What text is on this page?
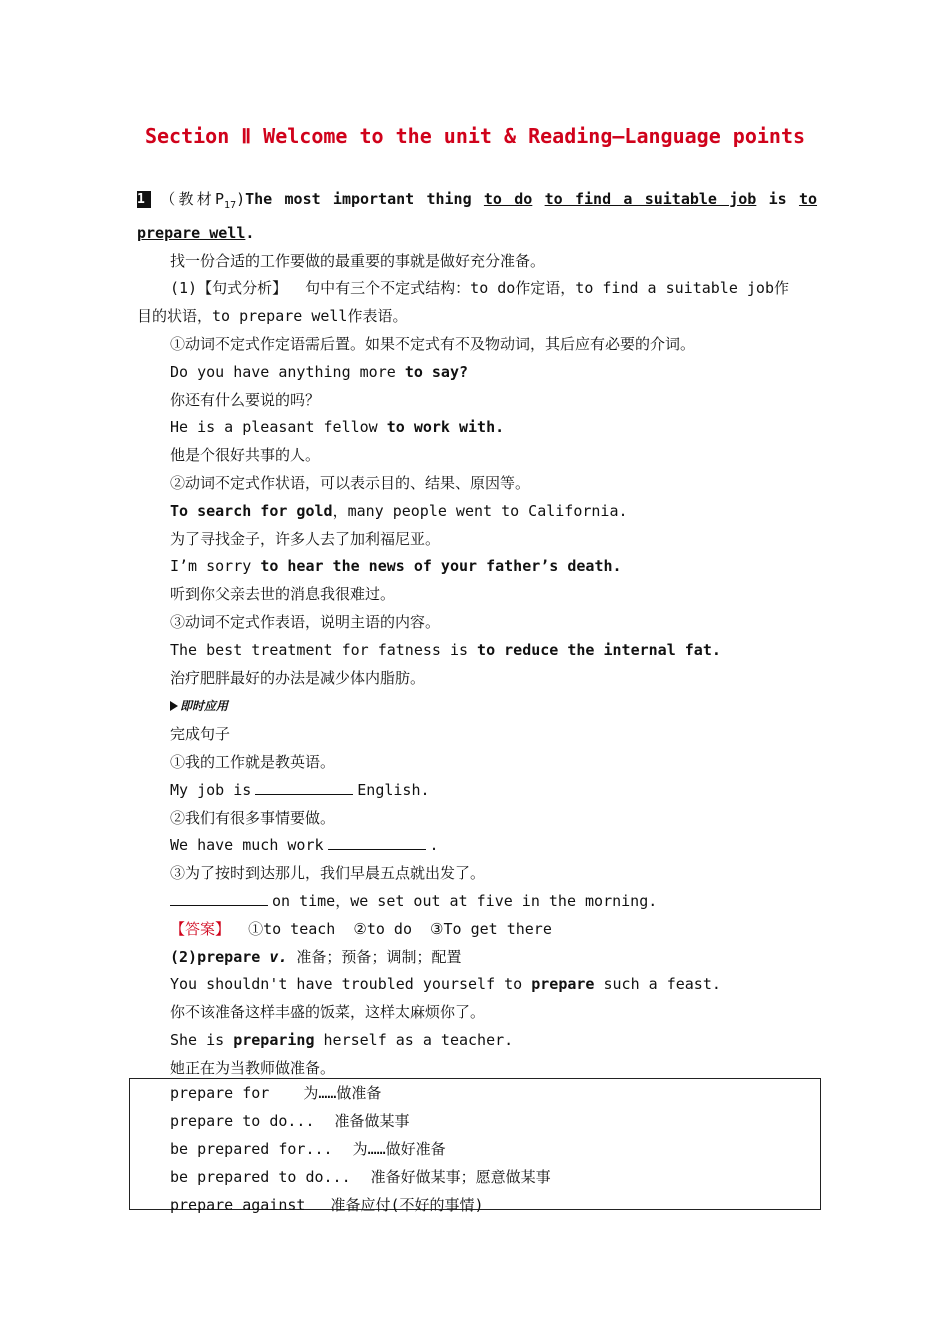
Section Ⅱ Welcome to the unit & Reading—Language points
1 （教材$P_{17})The$ most important thing to do to find a suitable job is to
prepare well.
找一份合适的工作要做的最重要的事就是做好充分准备。
(1)【句式分析】 句中有三个不定式结构：to do作定语，to find a suitable job作
目的状语，to prepare well作表语。
①动词不定式作定语需后置。如果不定式有不及物动词，其后应有必要的介词。
Do you have anything more to say?
你还有什么要说的吗？
He is a pleasant fellow to work with.
他是个很好共事的人。
②动词不定式作状语，可以表示目的、结果、原因等。
To search for gold，many people went to California.
为了寻找金子，许多人去了加利福尼亚。
I’m sorry to hear the news of your father’s death.
听到你父亲去世的消息我很难过。
③动词不定式作表语，说明主语的内容。
The best treatment for fatness is to reduce the internal fat.
治疗肥胖最好的办法是减少体内脂肪。
即时应用
完成句子
①我的工作就是教英语。
My job is	English.
②我们有很多事情要做。
We have much work	.
③为了按时到达那儿，我们早晨五点就出发了。
on time，we set out at five in the morning.
【答案】 ①to teach  ②to do  ③To get there
(2)prepare v. 准备；预备；调制；配置
You shouldn't have troubled yourself to prepare such a feast.
你不该准备这样丰盛的饭菜，这样太麻烦你了。
She is preparing herself as a teacher.
她正在为当教师做准备。
prepare for 为……做准备
prepare to do... 准备做某事
be prepared for... 为……做好准备
be prepared to do... 准备好做某事；愿意做某事
prepare against 准备应付(不好的事情)
